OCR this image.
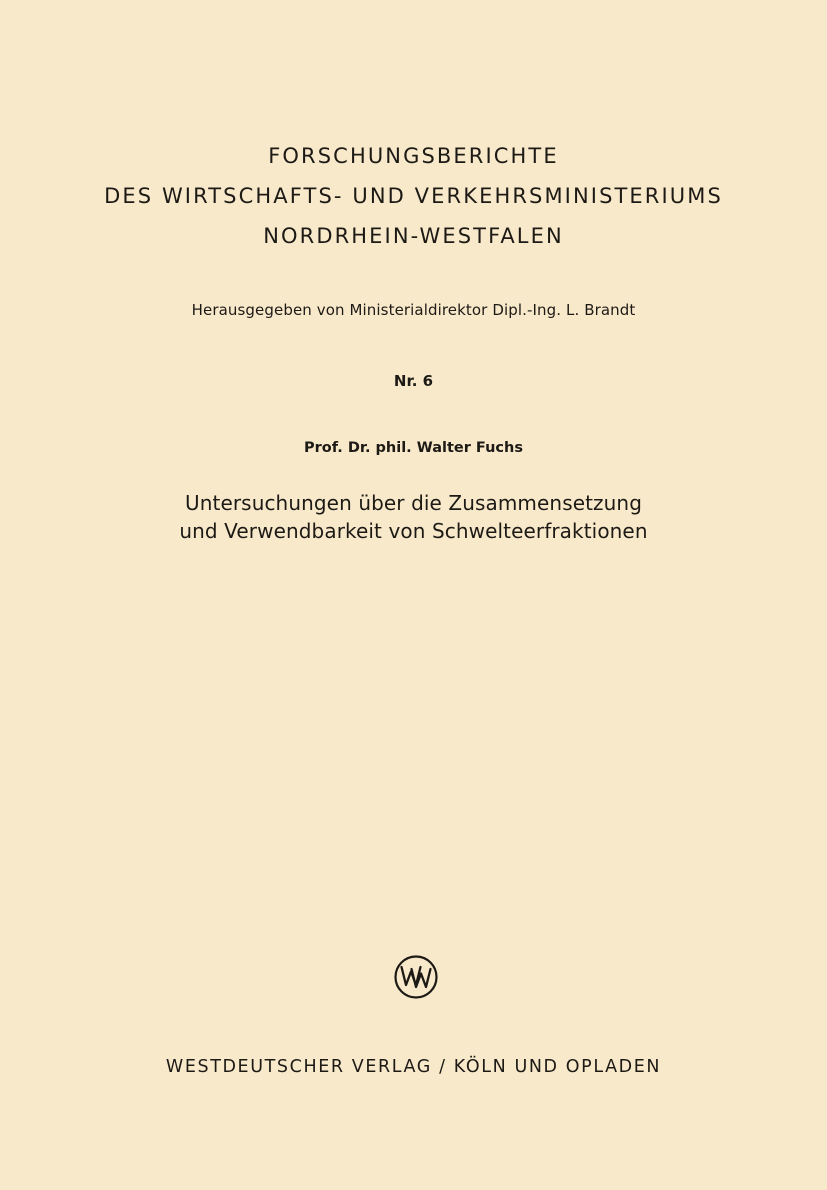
FORSCHUNGSBERICHTE
DES WIRTSCHAFTS- UND VERKEHRSMINISTERIUMS
NORDRHEIN-WESTFALEN
Herausgegeben von Ministerialdirektor Dipl.-Ing. L. Brandt
Nr. 6
Prof. Dr. phil. Walter Fuchs
Untersuchungen über die Zusammensetzung
und Verwendbarkeit von Schwelteerfraktionen
WESTDEUTSCHER VERLAG / KÖLN UND OPLADEN
